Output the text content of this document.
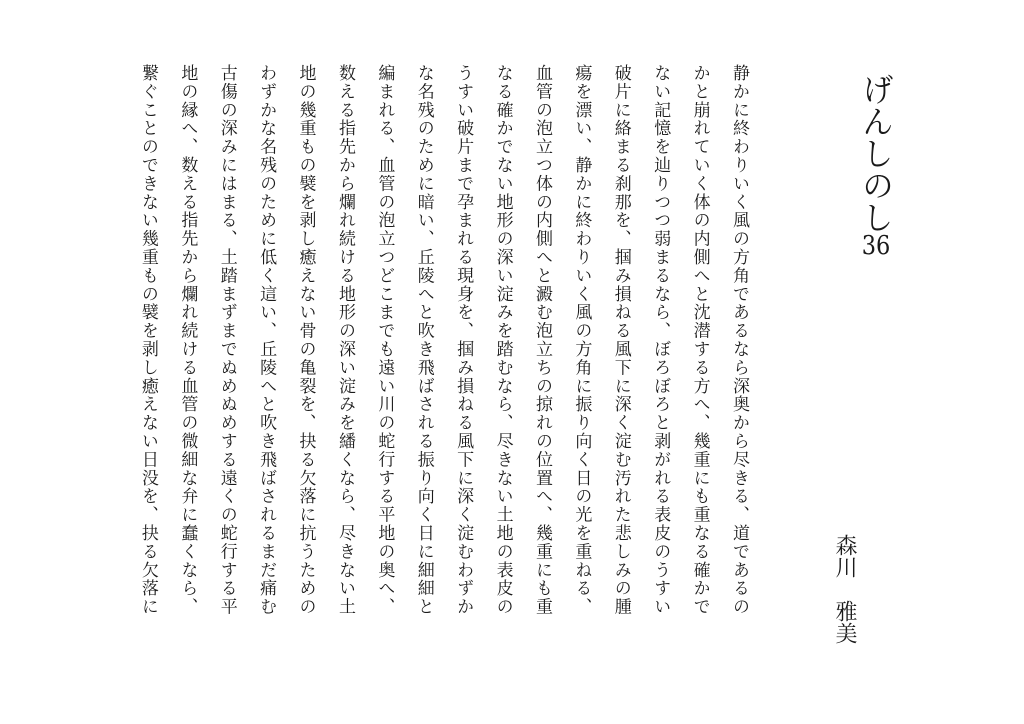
げんしのし36
森川　雅美
静かに終わりいく風の方角であるなら深奥から尽きる、道であるの
かと崩れていく体の内側へと沈潜する方へ、幾重にも重なる確かで
ない記憶を辿りつつ弱まるなら、ぼろぼろと剥がれる表皮のうすい
破片に絡まる刹那を、掴み損ねる風下に深く淀む汚れた悲しみの腫
瘍を漂い、静かに終わりいく風の方角に振り向く日の光を重ねる、
血管の泡立つ体の内側へと澱む泡立ちの掠れの位置へ、幾重にも重
なる確かでない地形の深い淀みを踏むなら、尽きない土地の表皮の
うすい破片まで孕まれる現身を、掴み損ねる風下に深く淀むわずか
な名残のために暗い、丘陵へと吹き飛ばされる振り向く日に細細と
編まれる、血管の泡立つどこまでも遠い川の蛇行する平地の奥へ、
数える指先から爛れ続ける地形の深い淀みを繙くなら、尽きない土
地の幾重もの襞を剥し癒えない骨の亀裂を、抉る欠落に抗うための
わずかな名残のために低く這い、丘陵へと吹き飛ばされるまだ痛む
古傷の深みにはまる、土踏まずまでぬめぬめする遠くの蛇行する平
地の縁へ、数える指先から爛れ続ける血管の微細な弁に蠢くなら、
繋ぐことのできない幾重もの襞を剥し癒えない日没を、抉る欠落に
